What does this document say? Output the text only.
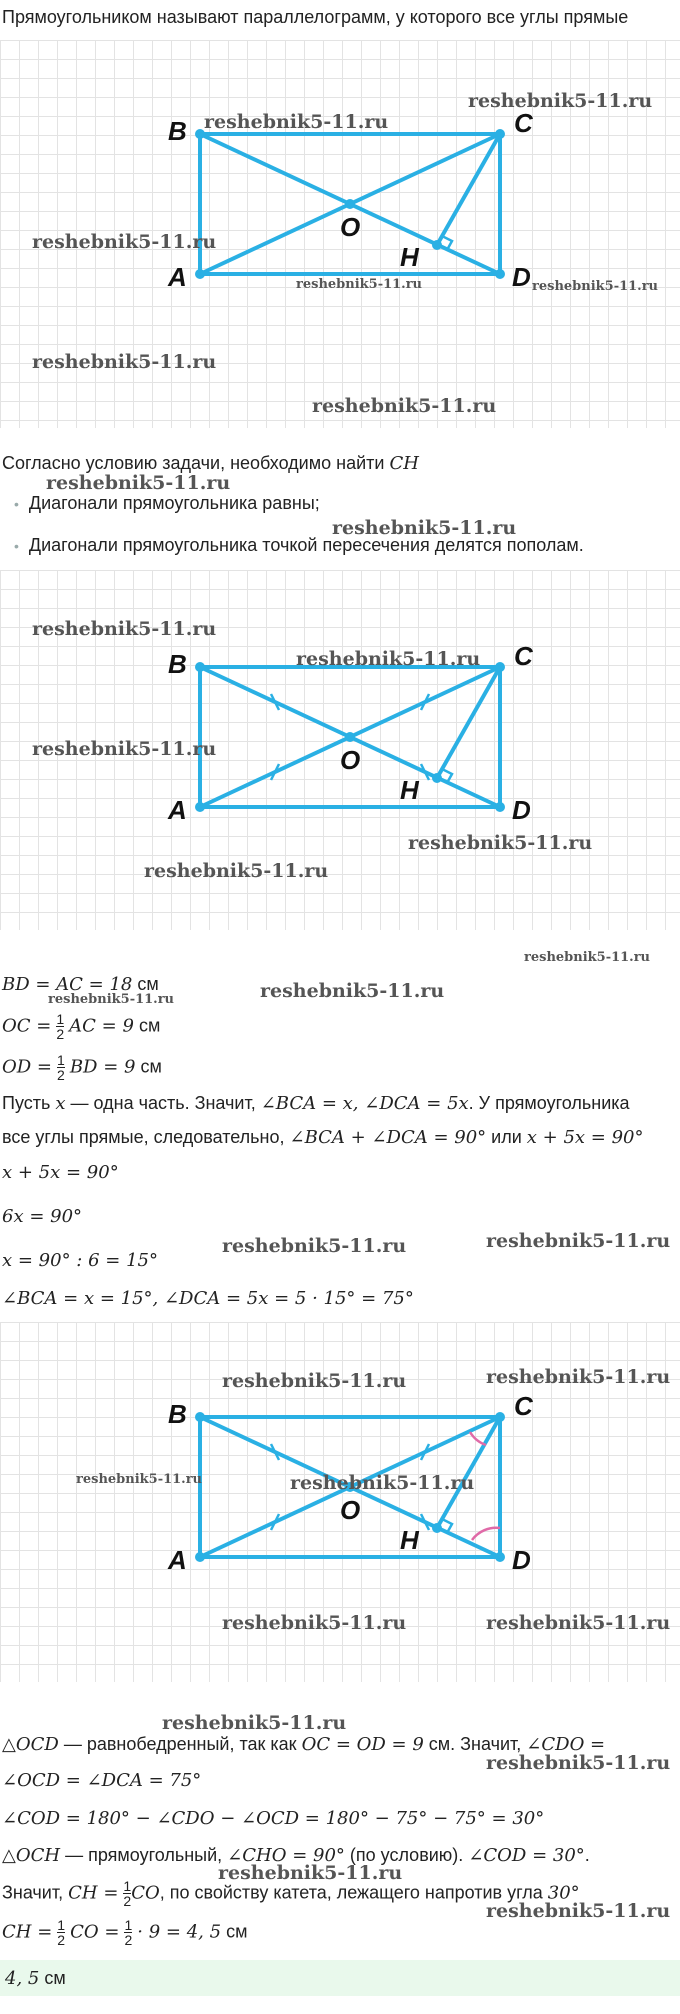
Прямоугольником называют параллелограмм, у которого все углы прямые
B	C
A	D
O
H
reshebnik5-11.ru
reshebnik5-11.ru
reshebnik5-11.ru
reshebnik5-11.ru	reshebnik5-11.ru
reshebnik5-11.ru
reshebnik5-11.ru
Согласно условию задачи, необходимо найти CH
reshebnik5-11.ru
• Диагонали прямоугольника равны;
reshebnik5-11.ru
• Диагонали прямоугольника точкой пересечения делятся пополам.
B	C
A	D
O
H
reshebnik5-11.ru
reshebnik5-11.ru
reshebnik5-11.ru
reshebnik5-11.ru
reshebnik5-11.ru
reshebnik5-11.ru
BD = AC = 18 см	reshebnik5-11.ru
reshebnik5-11.ru
OC = $\frac{1}{2}$ AC = 9 см
OD = $\frac{1}{2}$ BD = 9 см
Пусть x — одна часть. Значит, ∠BCA = x, ∠DCA = 5x. У прямоугольника
все углы прямые, следовательно, ∠BCA + ∠DCA = 90° или x + 5x = 90°
x + 5x = 90°
6x = 90°
reshebnik5-11.ru	reshebnik5-11.ru
x = 90° : 6 = 15°
∠BCA = x = 15°, ∠DCA = 5x = 5 · 15° = 75°
B	C
A	D
O
H
reshebnik5-11.ru	reshebnik5-11.ru
reshebnik5-11.ru	reshebnik5-11.ru
reshebnik5-11.ru	reshebnik5-11.ru
reshebnik5-11.ru
△OCD — равнобедренный, так как OC = OD = 9 см. Значит, ∠CDO =
reshebnik5-11.ru
∠OCD = ∠DCA = 75°
∠COD = 180° − ∠CDO − ∠OCD = 180° − 75° − 75° = 30°
△OCH — прямоугольный, ∠CHO = 90° (по условию). ∠COD = 30°.
reshebnik5-11.ru
Значит, CH = $\frac{1}{2}$ CO, по свойству катета, лежащего напротив угла 30°
reshebnik5-11.ru
CH = $\frac{1}{2}$ CO = $\frac{1}{2} \cdot 9 = 4$, 5 см
4, 5 см
